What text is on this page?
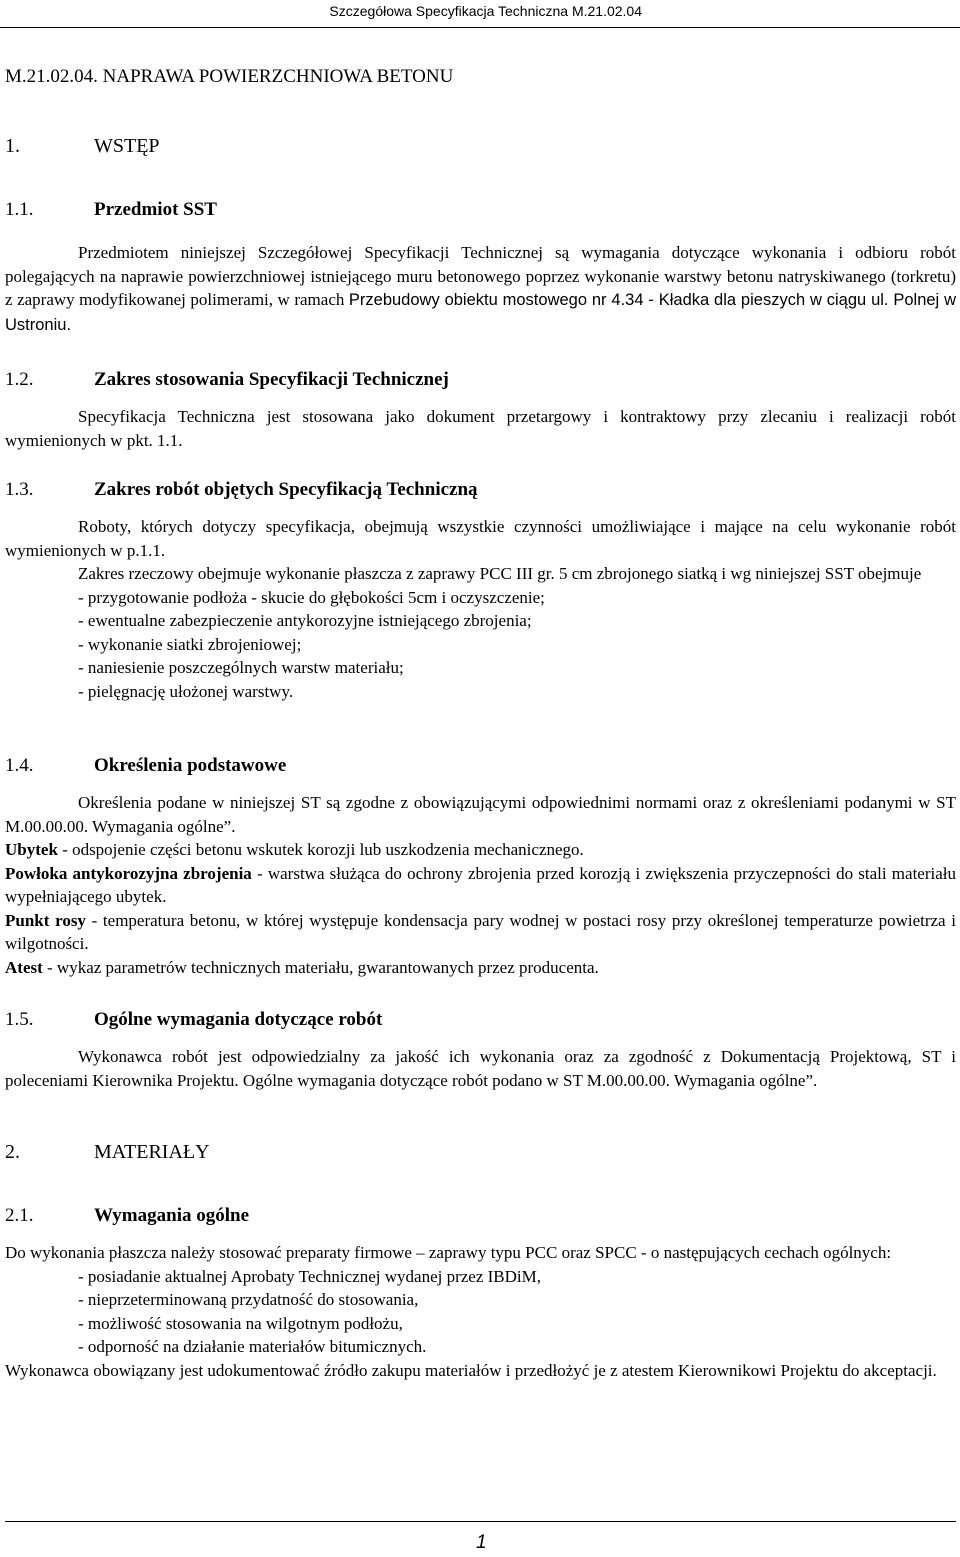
Szczegółowa Specyfikacja Techniczna M.21.02.04
M.21.02.04. NAPRAWA POWIERZCHNIOWA BETONU
1.	WSTĘP
1.1.	Przedmiot SST
Przedmiotem niniejszej Szczegółowej Specyfikacji Technicznej są wymagania dotyczące wykonania i odbioru robót polegających na naprawie powierzchniowej istniejącego muru betonowego poprzez wykonanie warstwy betonu natryskiwanego (torkretu) z zaprawy modyfikowanej polimerami, w ramach Przebudowy obiektu mostowego nr 4.34 - Kładka dla pieszych w ciągu ul. Polnej w Ustroniu.
1.2.	Zakres stosowania Specyfikacji Technicznej
Specyfikacja Techniczna jest stosowana jako dokument przetargowy i kontraktowy przy zlecaniu i realizacji robót wymienionych w pkt. 1.1.
1.3.	Zakres robót objętych Specyfikacją Techniczną
Roboty, których dotyczy specyfikacja, obejmują wszystkie czynności umożliwiające i mające na celu wykonanie robót wymienionych w p.1.1.
Zakres rzeczowy obejmuje wykonanie płaszcza z zaprawy PCC III gr. 5 cm zbrojonego siatką i wg niniejszej SST obejmuje
- przygotowanie podłoża - skucie do głębokości 5cm i oczyszczenie;
- ewentualne zabezpieczenie antykorozyjne istniejącego zbrojenia;
- wykonanie siatki zbrojeniowej;
- naniesienie poszczególnych warstw materiału;
- pielęgnację ułożonej warstwy.
1.4.	Określenia podstawowe
Określenia podane w niniejszej ST są zgodne z obowiązującymi odpowiednimi normami oraz z określeniami podanymi w ST M.00.00.00. Wymagania ogólne”.
Ubytek - odspojenie części betonu wskutek korozji lub uszkodzenia mechanicznego.
Powłoka antykorozyjna zbrojenia - warstwa służąca do ochrony zbrojenia przed korozją i zwiększenia przyczepności do stali materiału wypełniającego ubytek.
Punkt rosy - temperatura betonu, w której występuje kondensacja pary wodnej w postaci rosy przy określonej temperaturze powietrza i wilgotności.
Atest - wykaz parametrów technicznych materiału, gwarantowanych przez producenta.
1.5.	Ogólne wymagania dotyczące robót
Wykonawca robót jest odpowiedzialny za jakość ich wykonania oraz za zgodność z Dokumentacją Projektową, ST i poleceniami Kierownika Projektu. Ogólne wymagania dotyczące robót podano w ST M.00.00.00. Wymagania ogólne”.
2.	MATERIAŁY
2.1.	Wymagania ogólne
Do wykonania płaszcza należy stosować preparaty firmowe – zaprawy typu PCC oraz SPCC - o następujących cechach ogólnych:
- posiadanie aktualnej Aprobaty Technicznej wydanej przez IBDiM,
- nieprzeterminowaną przydatność do stosowania,
- możliwość stosowania na wilgotnym podłożu,
- odporność na działanie materiałów bitumicznych.
Wykonawca obowiązany jest udokumentować źródło zakupu materiałów i przedłożyć je z atestem Kierownikowi Projektu do akceptacji.
1
